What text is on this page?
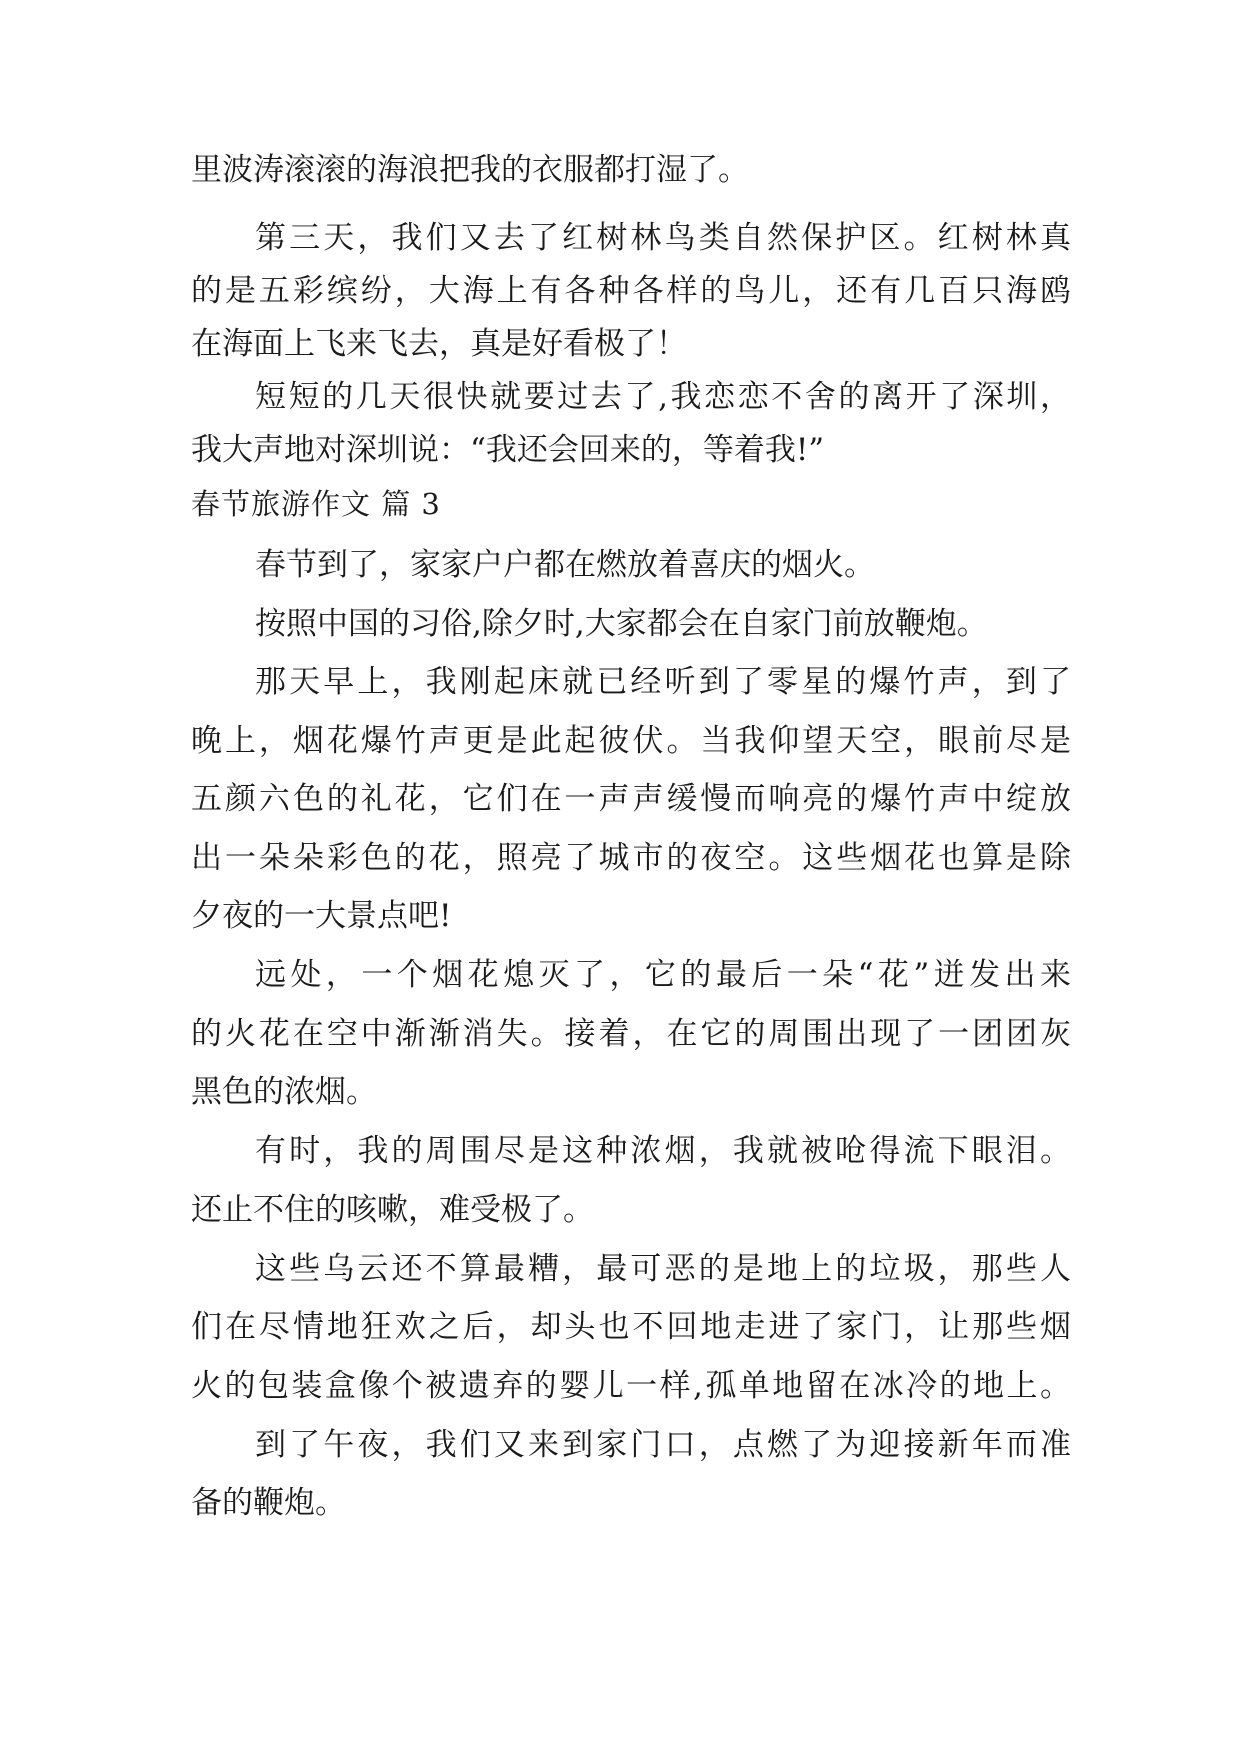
里波涛滚滚的海浪把我的衣服都打湿了。
第三天，我们又去了红树林鸟类自然保护区。红树林真
的是五彩缤纷，大海上有各种各样的鸟儿，还有几百只海鸥
在海面上飞来飞去，真是好看极了！
短短的几天很快就要过去了,我恋恋不舍的离开了深圳，
我大声地对深圳说：“我还会回来的，等着我!”
春节旅游作文 篇 3
春节到了，家家户户都在燃放着喜庆的烟火。
按照中国的习俗,除夕时,大家都会在自家门前放鞭炮。
那天早上，我刚起床就已经听到了零星的爆竹声，到了
晚上，烟花爆竹声更是此起彼伏。当我仰望天空，眼前尽是
五颜六色的礼花，它们在一声声缓慢而响亮的爆竹声中绽放
出一朵朵彩色的花，照亮了城市的夜空。这些烟花也算是除
夕夜的一大景点吧!
远处，一个烟花熄灭了，它的最后一朵“花”迸发出来
的火花在空中渐渐消失。接着，在它的周围出现了一团团灰
黑色的浓烟。
有时，我的周围尽是这种浓烟，我就被呛得流下眼泪。
还止不住的咳嗽，难受极了。
这些乌云还不算最糟，最可恶的是地上的垃圾，那些人
们在尽情地狂欢之后，却头也不回地走进了家门，让那些烟
火的包装盒像个被遗弃的婴儿一样,孤单地留在冰冷的地上。
到了午夜，我们又来到家门口，点燃了为迎接新年而准
备的鞭炮。
